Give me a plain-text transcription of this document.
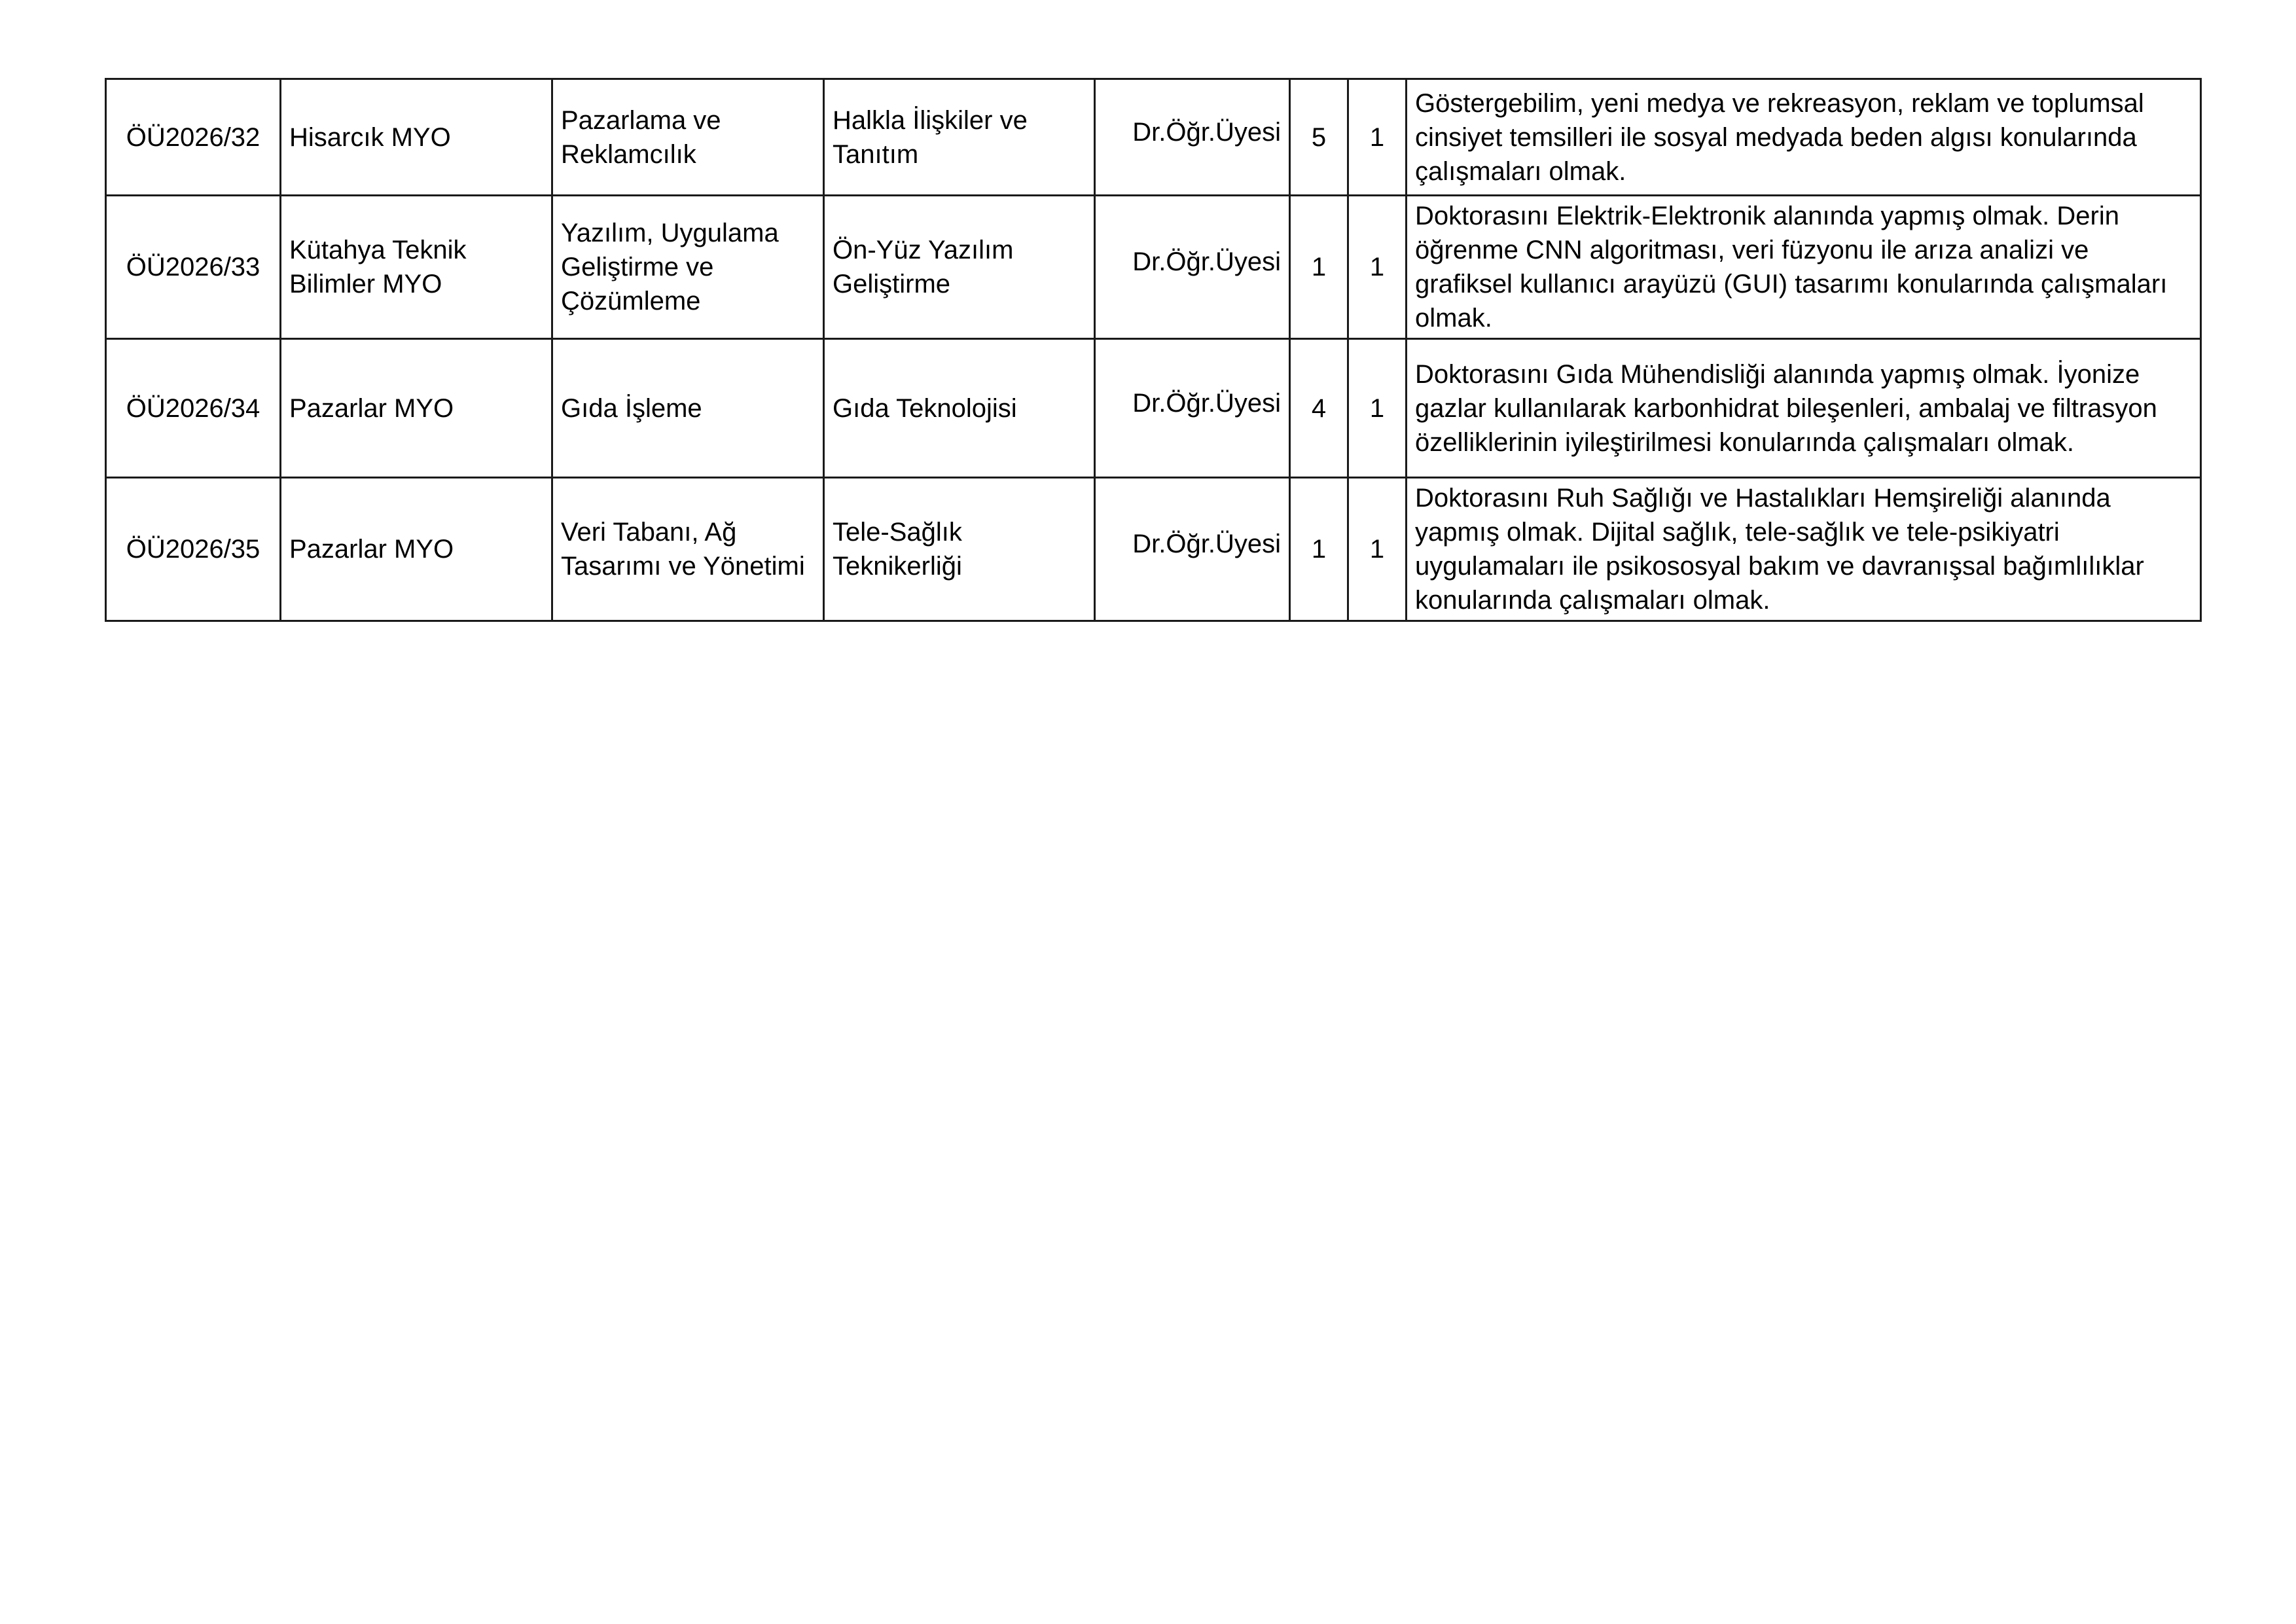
ÖÜ2026/32	Hisarcık MYO	Pazarlama ve Reklamcılık	Halkla İlişkiler ve Tanıtım	Dr.Öğr.Üyesi	5	1	Göstergebilim, yeni medya ve rekreasyon, reklam ve toplumsal cinsiyet temsilleri ile sosyal medyada beden algısı konularında çalışmaları olmak.
ÖÜ2026/33	Kütahya Teknik Bilimler MYO	Yazılım, Uygulama Geliştirme ve Çözümleme	Ön-Yüz Yazılım Geliştirme	Dr.Öğr.Üyesi	1	1	Doktorasını Elektrik-Elektronik alanında yapmış olmak. Derin öğrenme CNN algoritması, veri füzyonu ile arıza analizi ve grafiksel kullanıcı arayüzü (GUI) tasarımı konularında çalışmaları olmak.
ÖÜ2026/34	Pazarlar MYO	Gıda İşleme	Gıda Teknolojisi	Dr.Öğr.Üyesi	4	1	Doktorasını Gıda Mühendisliği alanında yapmış olmak. İyonize gazlar kullanılarak karbonhidrat bileşenleri, ambalaj ve filtrasyon özelliklerinin iyileştirilmesi konularında çalışmaları olmak.
ÖÜ2026/35	Pazarlar MYO	Veri Tabanı, Ağ Tasarımı ve Yönetimi	Tele-Sağlık Teknikerliği	Dr.Öğr.Üyesi	1	1	Doktorasını Ruh Sağlığı ve Hastalıkları Hemşireliği alanında yapmış olmak. Dijital sağlık, tele-sağlık ve tele-psikiyatri uygulamaları ile psikososyal bakım ve davranışsal bağımlılıklar konularında çalışmaları olmak.
